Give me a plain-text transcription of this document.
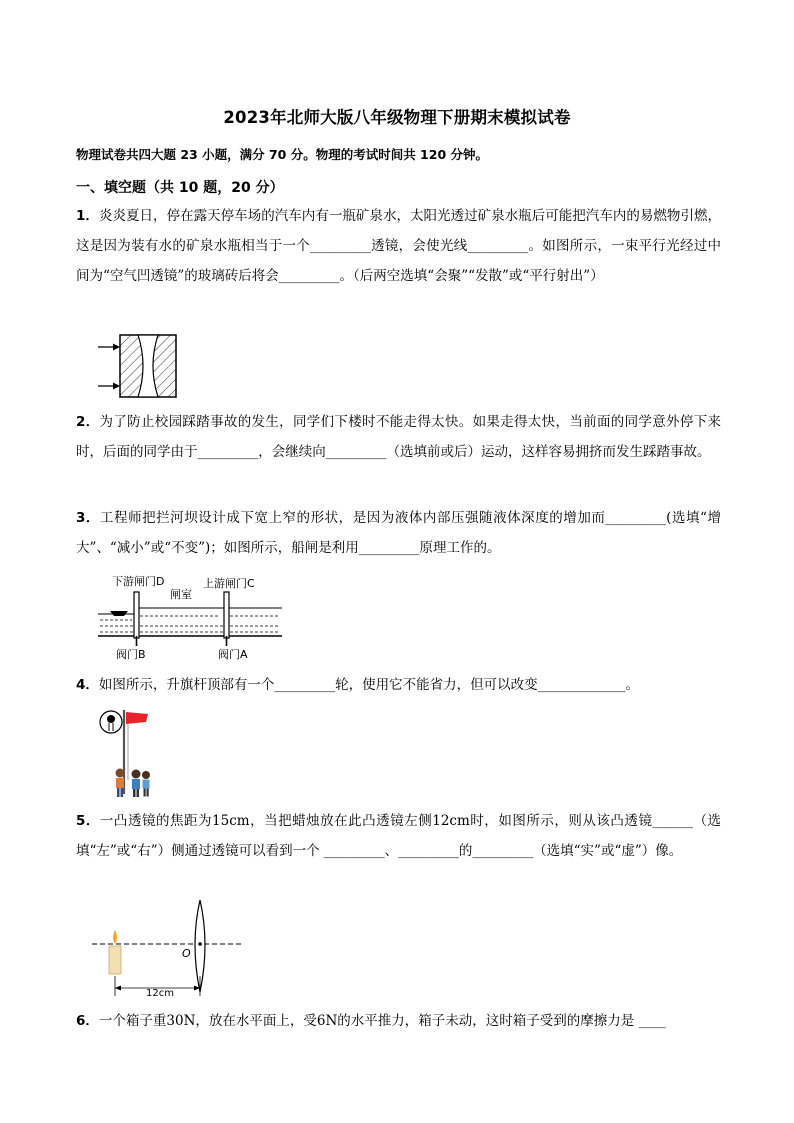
2023年北师大版八年级物理下册期末模拟试卷
物理试卷共四大题 23 小题，满分 70 分。物理的考试时间共 120 分钟。
一、填空题（共 10 题，20 分）
1．炎炎夏日，停在露天停车场的汽车内有一瓶矿泉水，太阳光透过矿泉水瓶后可能把汽车内的易燃物引燃，这是因为装有水的矿泉水瓶相当于一个_________透镜，会使光线_________。如图所示，一束平行光经过中间为“空气凹透镜”的玻璃砖后将会_________。（后两空选填“会聚”“发散”或“平行射出”）
2．为了防止校园踩踏事故的发生，同学们下楼时不能走得太快。如果走得太快，当前面的同学意外停下来时，后面的同学由于_________，会继续向_________（选填前或后）运动，这样容易拥挤而发生踩踏事故。
3．工程师把拦河坝设计成下宽上窄的形状，是因为液体内部压强随液体深度的增加而_________(选填“增大”、“减小”或“不变”)；如图所示，船闸是利用_________原理工作的。
下游闸门D
闸室
上游闸门C
阀门B	阀门A
4．如图所示，升旗杆顶部有一个_________轮，使用它不能省力，但可以改变_____________。
5．一凸透镜的焦距为15cm，当把蜡烛放在此凸透镜左侧12cm时，如图所示，则从该凸透镜______（选填“左”或“右”）侧通过透镜可以看到一个 _________、_________的_________（选填“实”或“虚”）像。
O
12cm
6．一个箱子重30N，放在水平面上，受6N的水平推力，箱子未动，这时箱子受到的摩擦力是 ____
